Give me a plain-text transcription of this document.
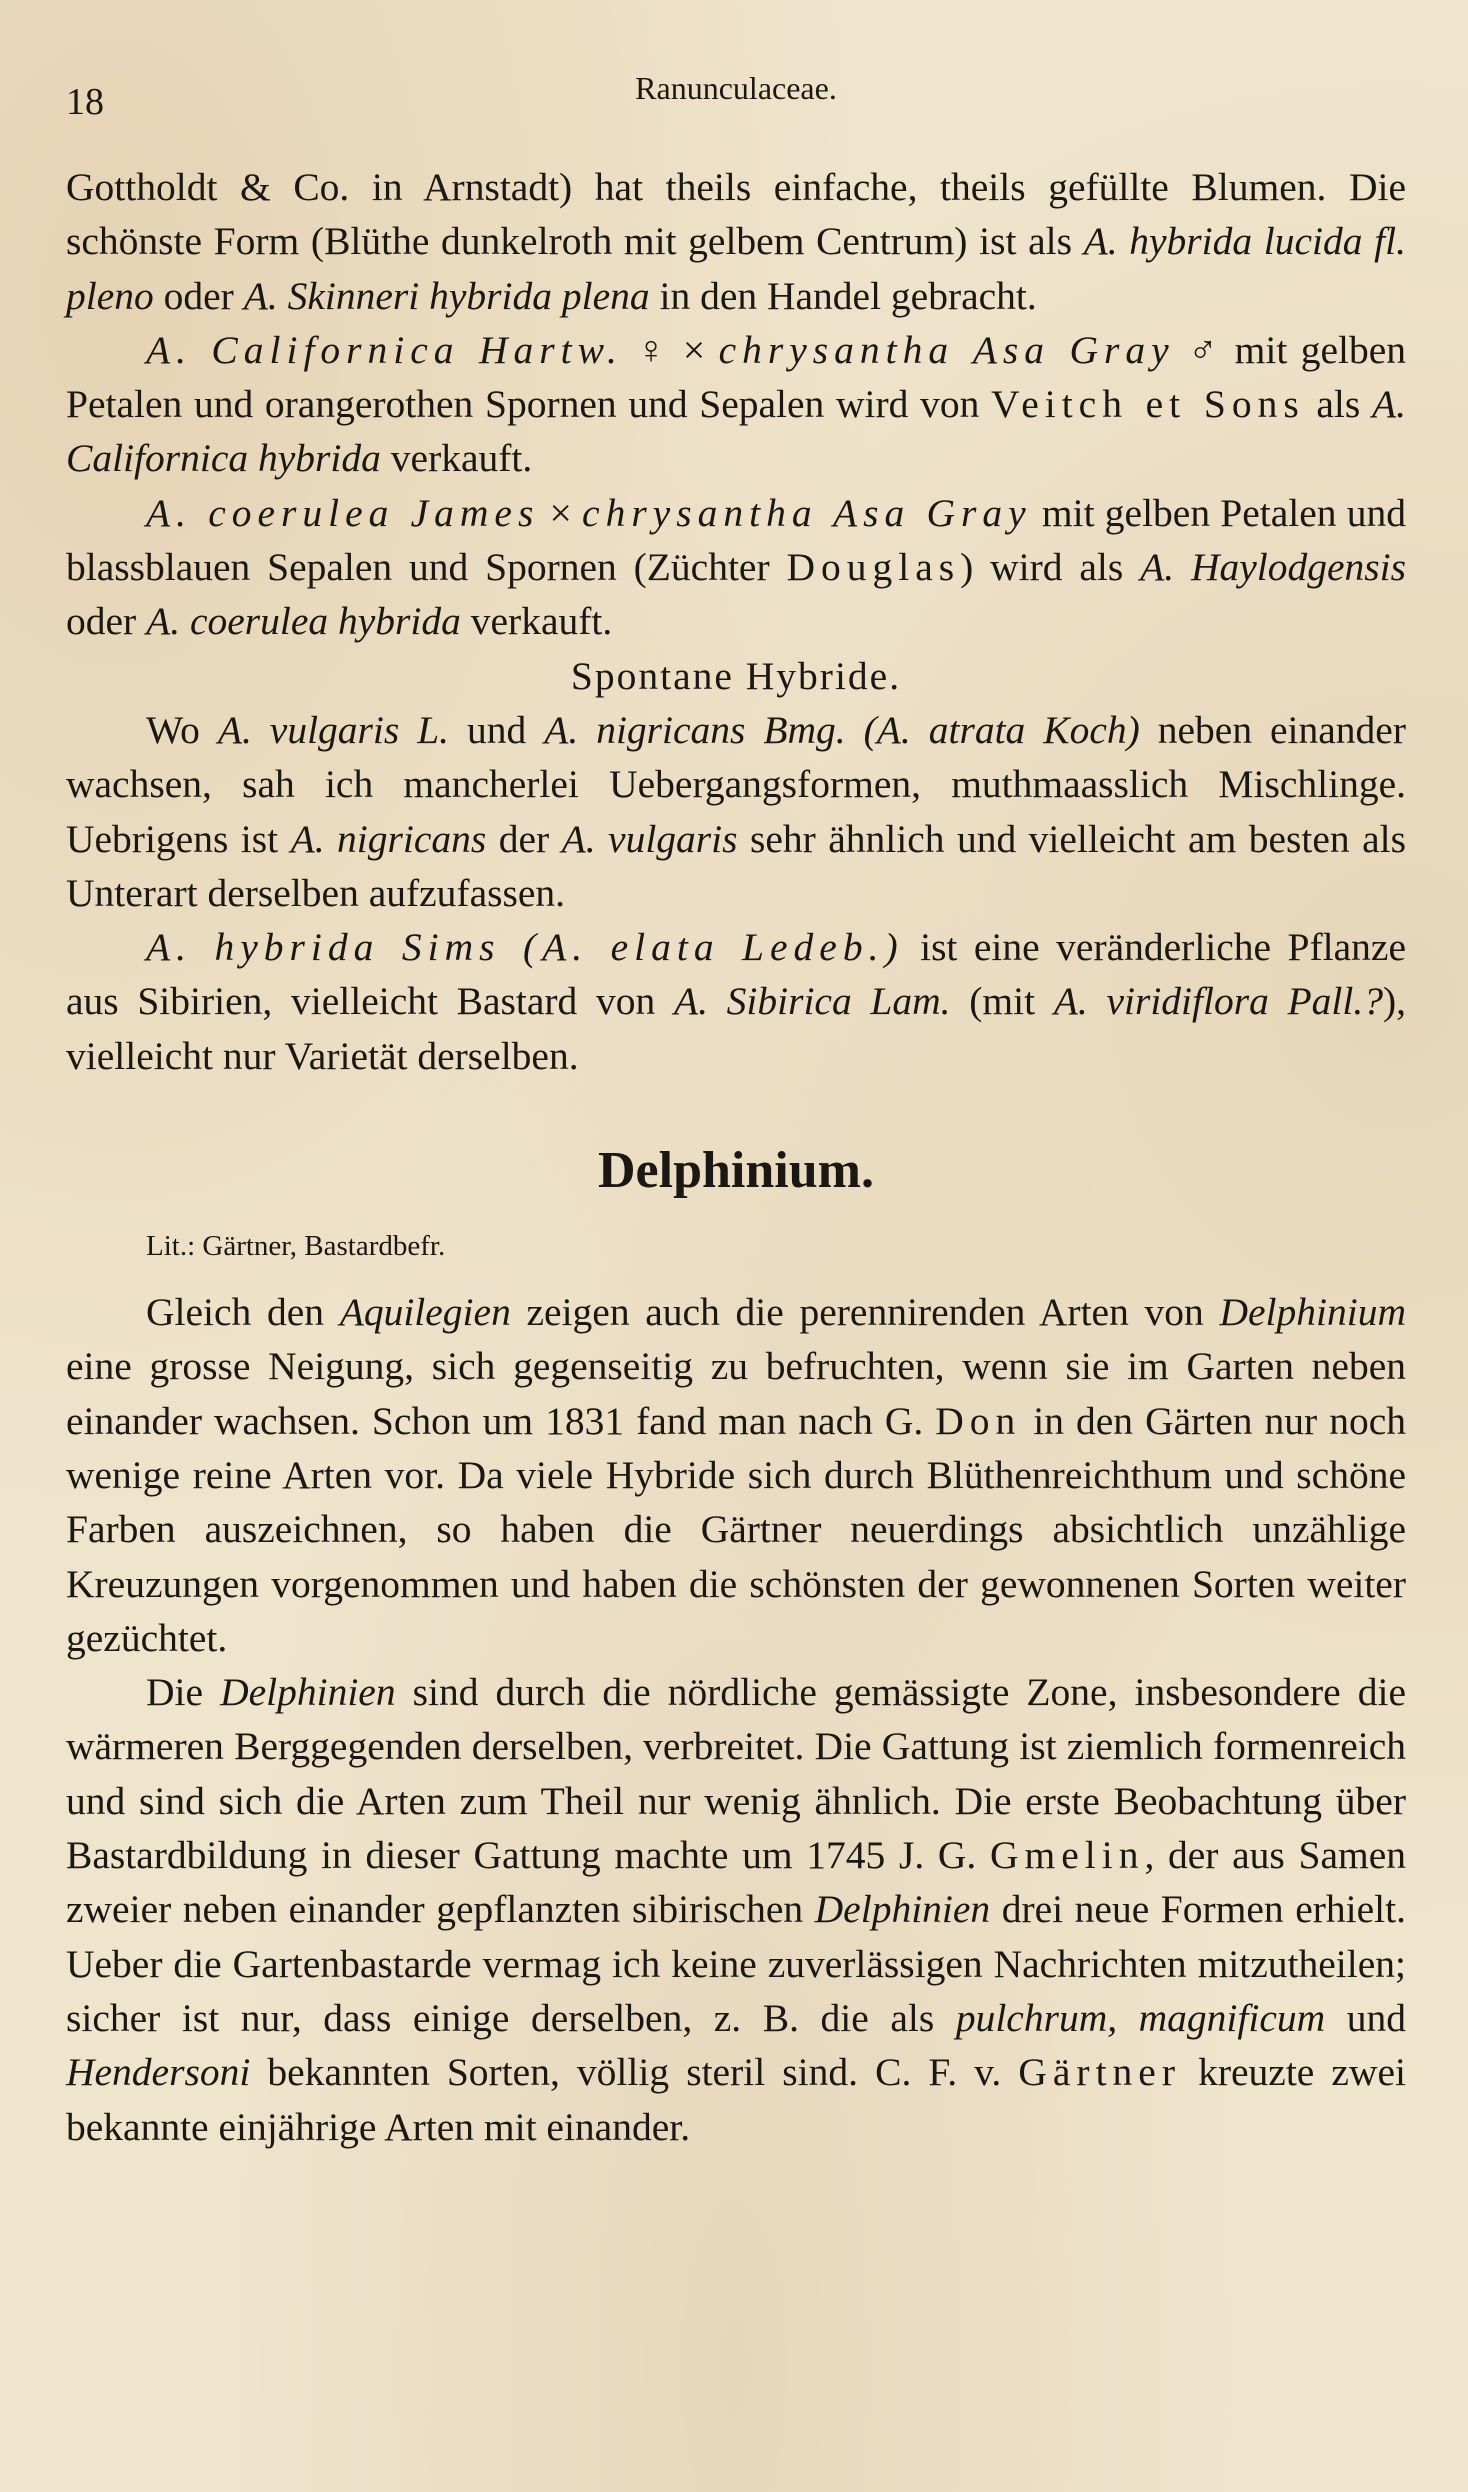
18	Ranunculaceae.

Gottholdt & Co. in Arnstadt) hat theils einfache, theils gefüllte Blumen. Die schönste Form (Blüthe dunkelroth mit gelbem Centrum) ist als A. hybrida lucida fl. pleno oder A. Skinneri hybrida plena in den Handel gebracht.

A. Californica Hartw. ♀ × chrysantha Asa Gray ♂ mit gelben Petalen und orangerothen Spornen und Sepalen wird von Veitch et Sons als A. Californica hybrida verkauft.

A. coerulea James × chrysantha Asa Gray mit gelben Petalen und blassblauen Sepalen und Spornen (Züchter Douglas) wird als A. Haylodgensis oder A. coerulea hybrida verkauft.

Spontane Hybride.

Wo A. vulgaris L. und A. nigricans Bmg. (A. atrata Koch) neben einander wachsen, sah ich mancherlei Uebergangsformen, muthmaasslich Mischlinge. Uebrigens ist A. nigricans der A. vulgaris sehr ähnlich und vielleicht am besten als Unterart derselben aufzufassen.

A. hybrida Sims (A. elata Ledeb.) ist eine veränderliche Pflanze aus Sibirien, vielleicht Bastard von A. Sibirica Lam. (mit A. viridiflora Pall.?), vielleicht nur Varietät derselben.

Delphinium.

Lit.: Gärtner, Bastardbefr.

Gleich den Aquilegien zeigen auch die perennirenden Arten von Delphinium eine grosse Neigung, sich gegenseitig zu befruchten, wenn sie im Garten neben einander wachsen. Schon um 1831 fand man nach G. Don in den Gärten nur noch wenige reine Arten vor. Da viele Hybride sich durch Blüthenreichthum und schöne Farben auszeichnen, so haben die Gärtner neuerdings absichtlich unzählige Kreuzungen vorgenommen und haben die schönsten der gewonnenen Sorten weiter gezüchtet.

Die Delphinien sind durch die nördliche gemässigte Zone, insbesondere die wärmeren Berggegenden derselben, verbreitet. Die Gattung ist ziemlich formenreich und sind sich die Arten zum Theil nur wenig ähnlich. Die erste Beobachtung über Bastardbildung in dieser Gattung machte um 1745 J. G. Gmelin, der aus Samen zweier neben einander gepflanzten sibirischen Delphinien drei neue Formen erhielt. Ueber die Gartenbastarde vermag ich keine zuverlässigen Nachrichten mitzutheilen; sicher ist nur, dass einige derselben, z. B. die als pulchrum, magnificum und Hendersoni bekannten Sorten, völlig steril sind. C. F. v. Gärtner kreuzte zwei bekannte einjährige Arten mit einander.
